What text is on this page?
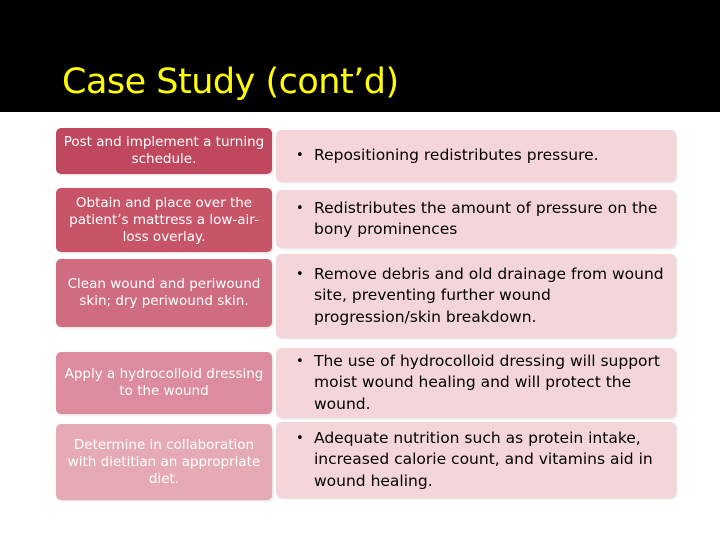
Case Study (cont’d)
Post and implement a turning schedule.	• Repositioning redistributes pressure.
Obtain and place over the patient’s mattress a low-air-loss overlay.
• Redistributes the amount of pressure on the bony prominences
Clean wound and periwound skin; dry periwound skin.
• Remove debris and old drainage from wound site, preventing further wound progression/skin breakdown.
Apply a hydrocolloid dressing to the wound
• The use of hydrocolloid dressing will support moist wound healing and will protect the wound.
Determine in collaboration with dietitian an appropriate diet.
• Adequate nutrition such as protein intake, increased calorie count, and vitamins aid in wound healing.
